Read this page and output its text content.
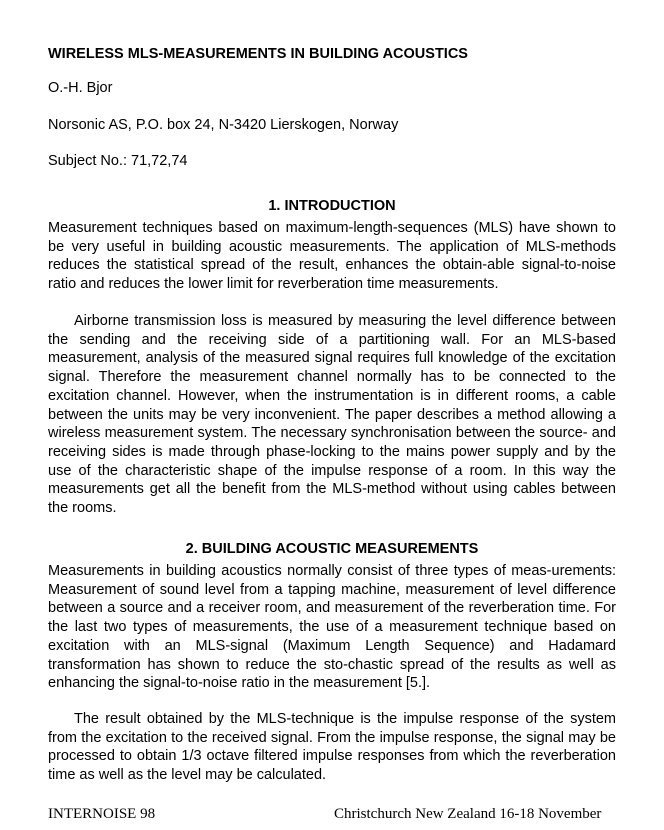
WIRELESS MLS-MEASUREMENTS IN BUILDING ACOUSTICS
O.-H. Bjor
Norsonic AS, P.O. box 24, N-3420 Lierskogen, Norway
Subject No.: 71,72,74
1. INTRODUCTION

Measurement techniques based on maximum-length-sequences (MLS) have shown to be very useful in building acoustic measurements. The application of MLS-methods reduces the statistical spread of the result, enhances the obtain-able signal-to-noise ratio and reduces the lower limit for reverberation time measurements.

Airborne transmission loss is measured by measuring the level difference between the sending and the receiving side of a partitioning wall. For an MLS-based measurement, analysis of the measured signal requires full knowledge of the excitation signal. Therefore the measurement channel normally has to be connected to the excitation channel. However, when the instrumentation is in different rooms, a cable between the units may be very inconvenient. The paper describes a method allowing a wireless measurement system. The necessary synchronisation between the source- and receiving sides is made through phase-locking to the mains power supply and by the use of the characteristic shape of the impulse response of a room. In this way the measurements get all the benefit from the MLS-method without using cables between the rooms.

2. BUILDING ACOUSTIC MEASUREMENTS

Measurements in building acoustics normally consist of three types of meas-urements: Measurement of sound level from a tapping machine, measurement of level difference between a source and a receiver room, and measurement of the reverberation time. For the last two types of measurements, the use of a measurement technique based on excitation with an MLS-signal (Maximum Length Sequence) and Hadamard transformation has shown to reduce the sto-chastic spread of the results as well as enhancing the signal-to-noise ratio in the measurement [5.].

The result obtained by the MLS-technique is the impulse response of the system from the excitation to the received signal. From the impulse response, the signal may be processed to obtain 1/3 octave filtered impulse responses from which the reverberation time as well as the level may be calculated.

INTERNOISE 98	Christchurch New Zealand 16-18 November
